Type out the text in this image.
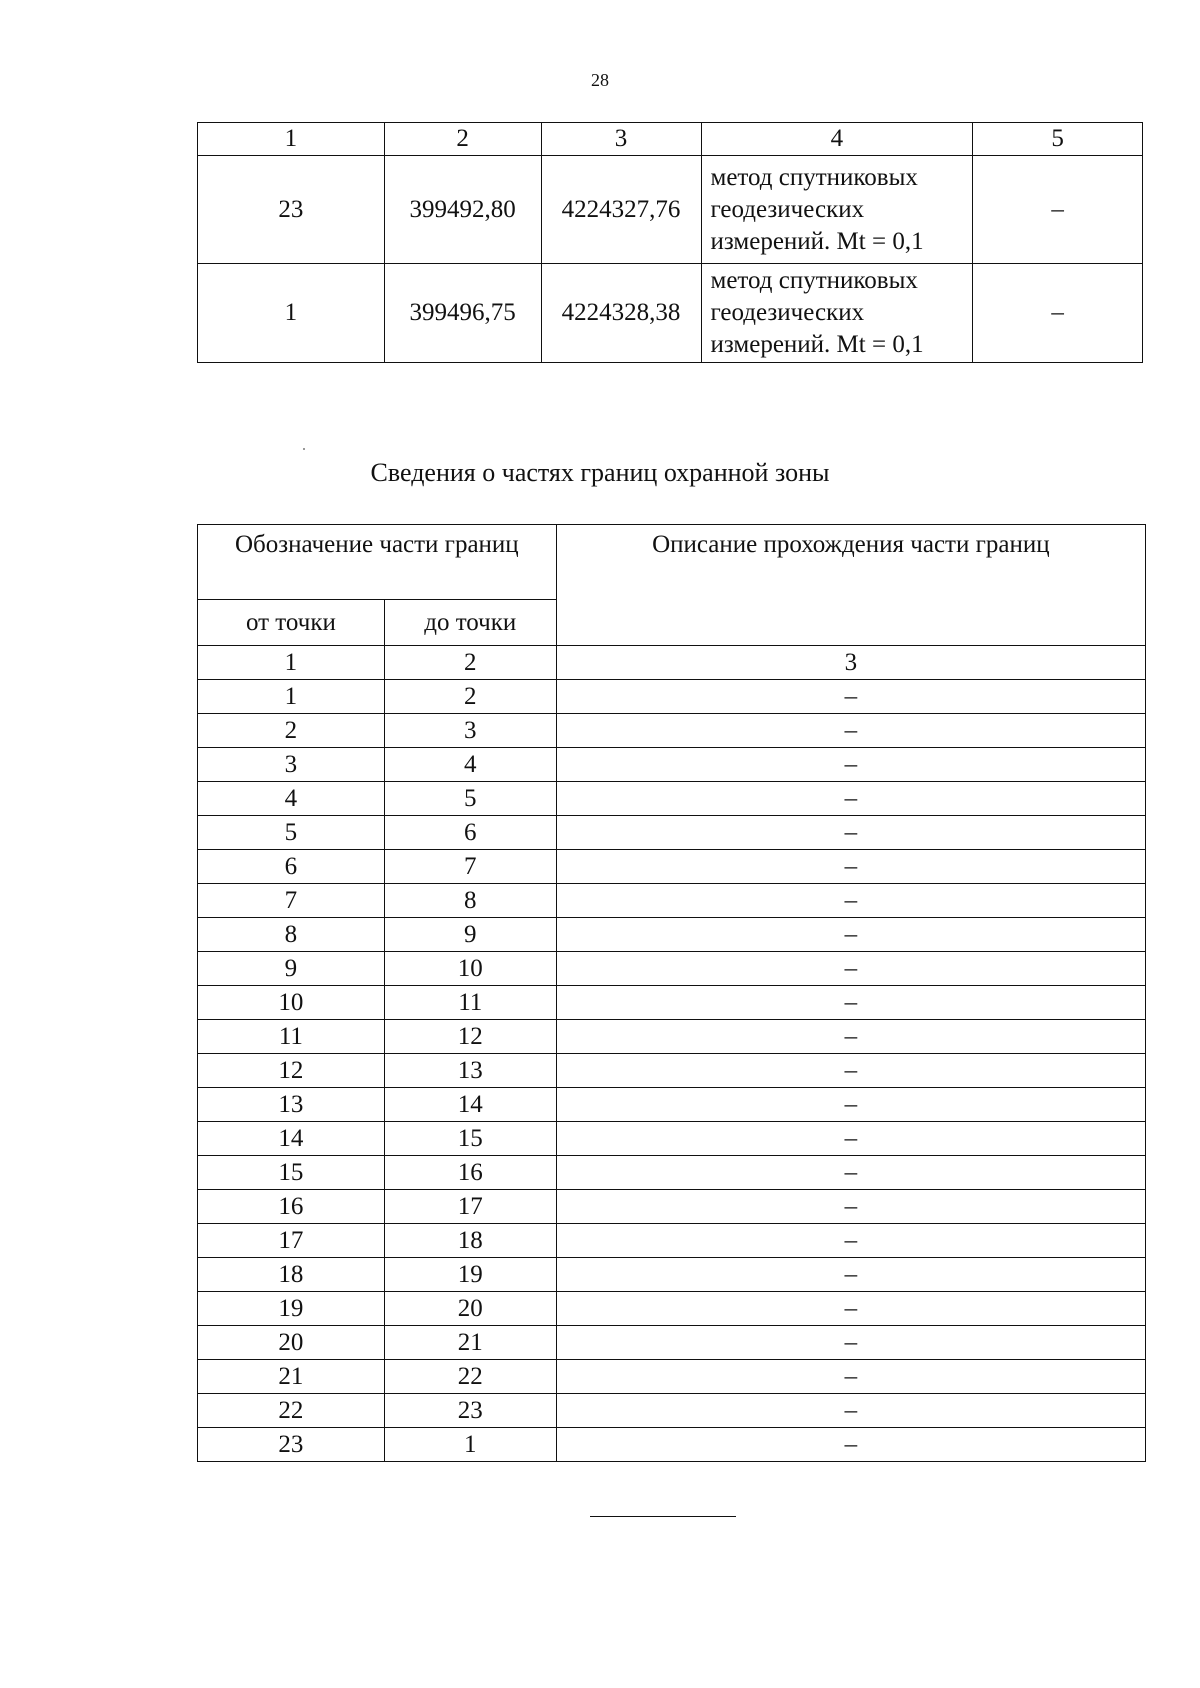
28
1	2	3	4	5
23	399492,80	4224327,76	метод спутниковых
геодезических
измерений. Mt = 0,1	–
1	399496,75	4224328,38	метод спутниковых
геодезических
измерений. Mt = 0,1	–
Сведения о частях границ охранной зоны
Обозначение части границ		Описание прохождения части границ
от точки	до точки	
1	2	3
1	2	–
2	3	–
3	4	–
4	5	–
5	6	–
6	7	–
7	8	–
8	9	–
9	10	–
10	11	–
11	12	–
12	13	–
13	14	–
14	15	–
15	16	–
16	17	–
17	18	–
18	19	–
19	20	–
20	21	–
21	22	–
22	23	–
23	1	–
